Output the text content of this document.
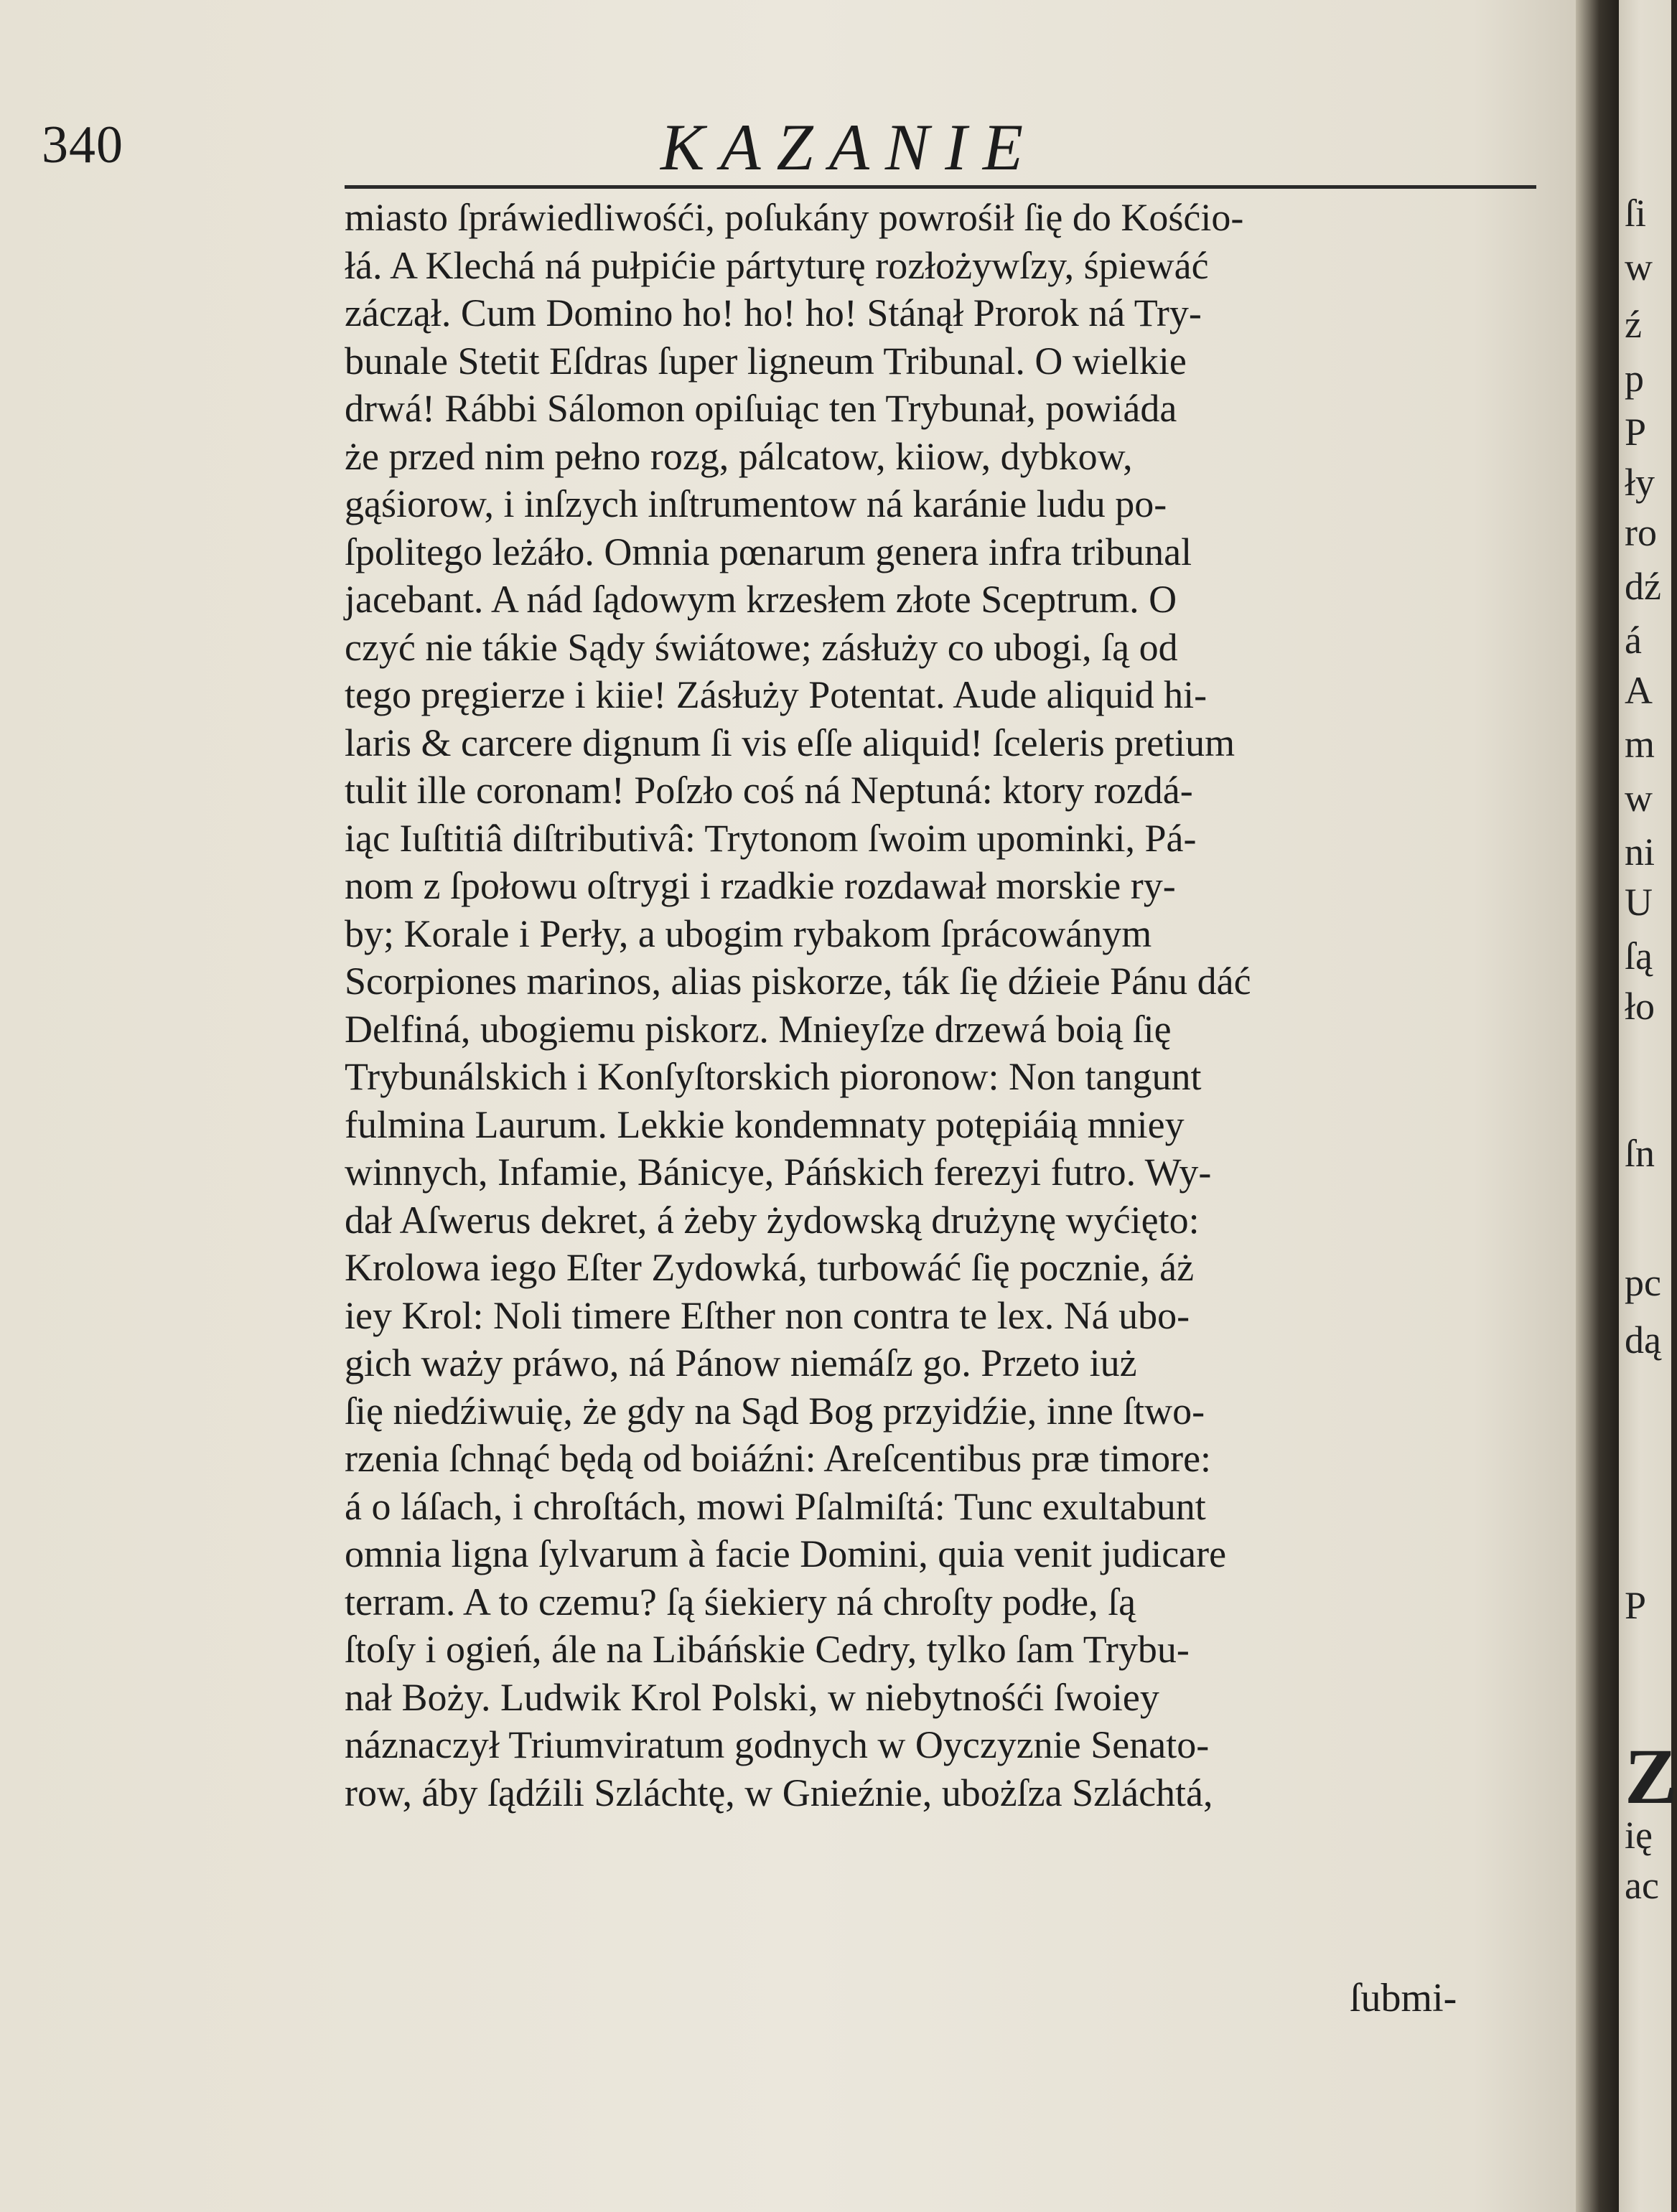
340	KAZANIE
miasto ſpráwiedliwośći, poſukány powrośił ſię do Kośćio-
łá. A Klechá ná pułpićie pártyturę rozłożywſzy, śpiewáć
záczął. Cum Domino ho! ho! ho! Stánął Prorok ná Try-
bunale Stetit Eſdras ſuper ligneum Tribunal. O wielkie
drwá! Rábbi Sálomon opiſuiąc ten Trybunał, powiáda
że przed nim pełno rozg, pálcatow, kiiow, dybkow,
gąśiorow, i inſzych inſtrumentow ná karánie ludu po-
ſpolitego leżáło. Omnia pœnarum genera infra tribunal
jacebant. A nád ſądowym krzesłem złote Sceptrum. O
czyć nie tákie Sądy świátowe; zásłuży co ubogi, ſą od
tego pręgierze i kiie! Zásłuży Potentat. Aude aliquid hi-
laris & carcere dignum ſi vis eſſe aliquid! ſceleris pretium
tulit ille coronam! Poſzło coś ná Neptuná: ktory rozdá-
iąc Iuſtitiâ diſtributivâ: Trytonom ſwoim upominki, Pá-
nom z ſpołowu oſtrygi i rzadkie rozdawał morskie ry-
by; Korale i Perły, a ubogim rybakom ſprácowánym
Scorpiones marinos, alias piskorze, ták ſię dźieie Pánu dáć
Delfiná, ubogiemu piskorz. Mnieyſze drzewá boią ſię
Trybunálskich i Konſyſtorskich pioronow: Non tangunt
fulmina Laurum. Lekkie kondemnaty potępiáią mniey
winnych, Infamie, Bánicye, Páńskich ferezyi futro. Wy-
dał Aſwerus dekret, á żeby żydowską drużynę wyćięto:
Krolowa iego Eſter Zydowká, turbowáć ſię pocznie, áż
iey Krol: Noli timere Eſther non contra te lex. Ná ubo-
gich waży práwo, ná Pánow niemáſz go. Przeto iuż
ſię niedźiwuię, że gdy na Sąd Bog przyidźie, inne ſtwo-
rzenia ſchnąć będą od boiáźni: Areſcentibus præ timore:
á o láſach, i chroſtách, mowi Pſalmiſtá: Tunc exultabunt
omnia ligna ſylvarum à facie Domini, quia venit judicare
terram. A to czemu? ſą śiekiery ná chroſty podłe, ſą
ſtoſy i ogień, ále na Libáńskie Cedry, tylko ſam Trybu-
nał Boży. Ludwik Krol Polski, w niebytnośći ſwoiey
náznaczył Triumviratum godnych w Oyczyznie Senato-
row, áby ſądźili Szláchtę, w Gnieźnie, ubożſza Szláchtá,
ſubmi-
ſi
w
ź
p
P
ły
ro
dź
á
A
m
w
ni
U
ſą
ło
ſn
pc
dą
P
Z
ię
ac
